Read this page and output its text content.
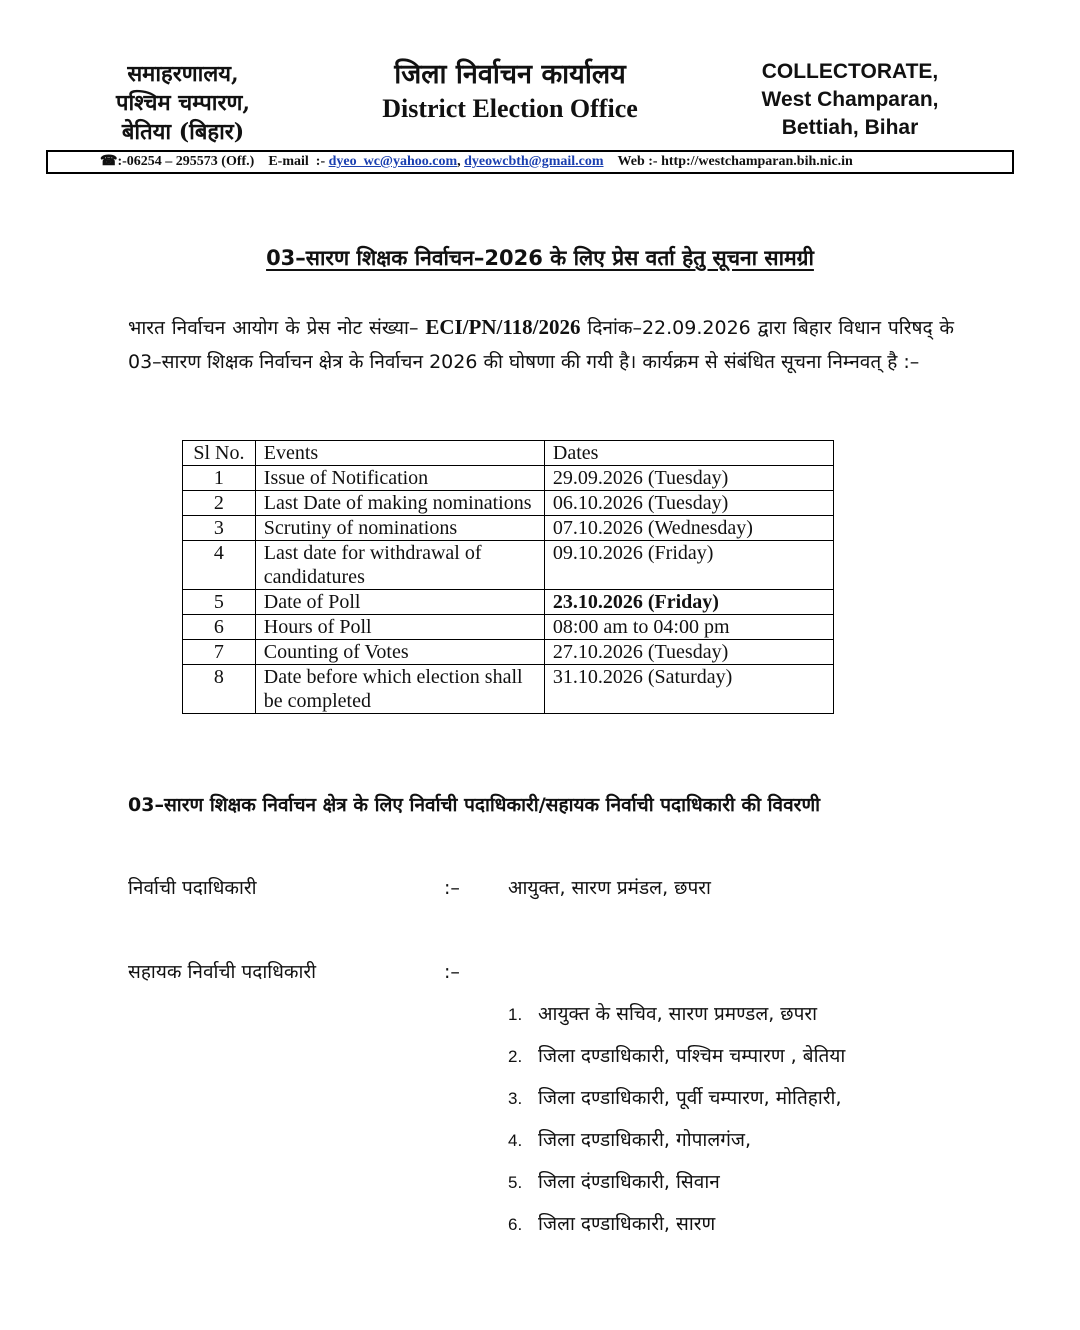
समाहरणालय,
पश्चिम चम्पारण,
बेतिया (बिहार)
जिला निर्वाचन कार्यालय
District Election Office
COLLECTORATE,
West Champaran,
Bettiah, Bihar
☎:-06254 – 295573 (Off.) E-mail :- dyeo_wc@yahoo.com, dyeowcbth@gmail.com Web :- http://westchamparan.bih.nic.in
03–सारण शिक्षक निर्वाचन–2026 के लिए प्रेस वर्ता हेतु सूचना सामग्री
भारत निर्वाचन आयोग के प्रेस नोट संख्या– ECI/PN/118/2026 दिनांक–22.09.2026 द्वारा बिहार विधान परिषद् के 03–सारण शिक्षक निर्वाचन क्षेत्र के निर्वाचन 2026 की घोषणा की गयी है। कार्यक्रम से संबंधित सूचना निम्नवत् है :–
Sl No.	Events	Dates
1	Issue of Notification	29.09.2026 (Tuesday)
2	Last Date of making nominations	06.10.2026 (Tuesday)
3	Scrutiny of nominations	07.10.2026 (Wednesday)
4	Last date for withdrawal of candidatures	09.10.2026 (Friday)
5	Date of Poll	23.10.2026 (Friday)
6	Hours of Poll	08:00 am to 04:00 pm
7	Counting of Votes	27.10.2026 (Tuesday)
8	Date before which election shall be completed	31.10.2026 (Saturday)
03–सारण शिक्षक निर्वाचन क्षेत्र के लिए निर्वाची पदाधिकारी/सहायक निर्वाची पदाधिकारी की विवरणी
निर्वाची पदाधिकारी	:–	आयुक्त, सारण प्रमंडल, छपरा
सहायक निर्वाची पदाधिकारी	:–
1. आयुक्त के सचिव, सारण प्रमण्डल, छपरा
2. जिला दण्डाधिकारी, पश्चिम चम्पारण , बेतिया
3. जिला दण्डाधिकारी, पूर्वी चम्पारण, मोतिहारी,
4. जिला दण्डाधिकारी, गोपालगंज,
5. जिला दंण्डाधिकारी, सिवान
6. जिला दण्डाधिकारी, सारण
